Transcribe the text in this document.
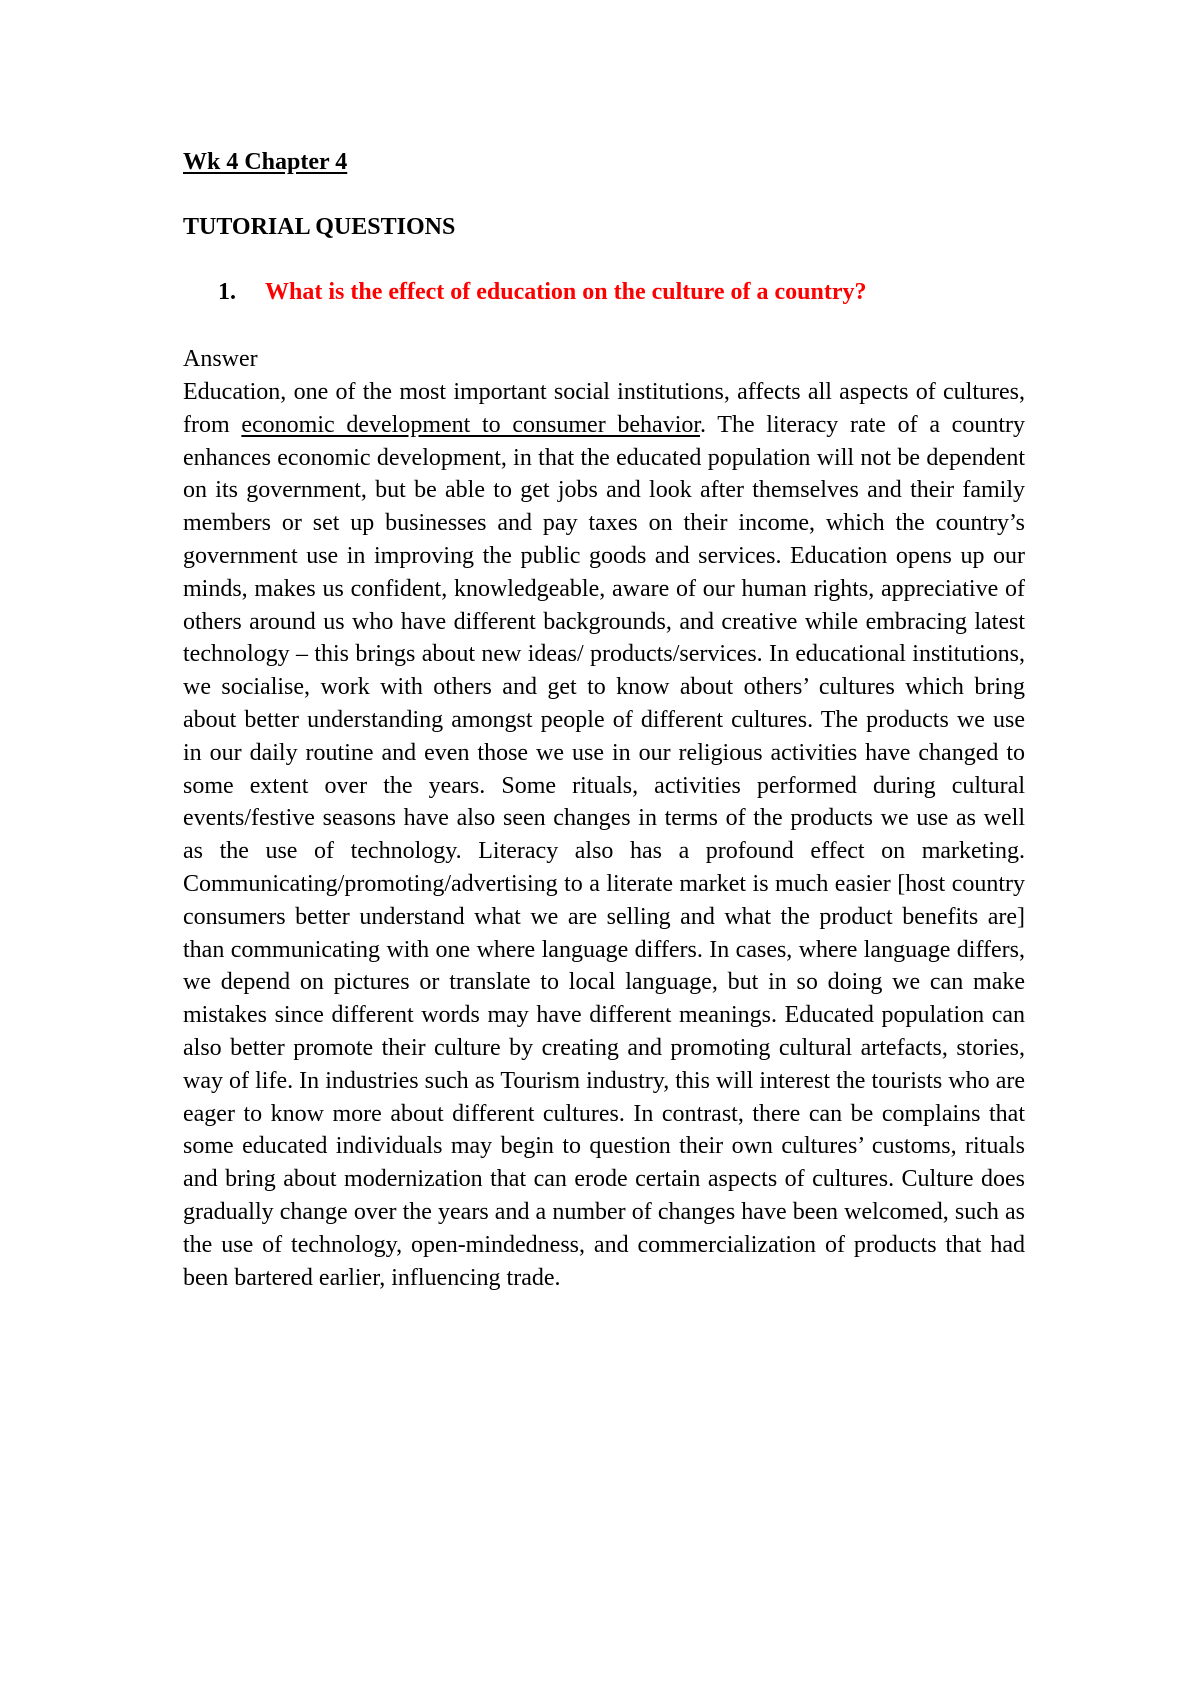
Wk 4 Chapter 4
TUTORIAL QUESTIONS

1. What is the effect of education on the culture of a country?

Answer

Education, one of the most important social institutions, affects all aspects of cultures, from economic development to consumer behavior. The literacy rate of a country enhances economic development, in that the educated population will not be dependent on its government, but be able to get jobs and look after themselves and their family members or set up businesses and pay taxes on their income, which the country’s government use in improving the public goods and services. Education opens up our minds, makes us confident, knowledgeable, aware of our human rights, appreciative of others around us who have different backgrounds, and creative while embracing latest technology – this brings about new ideas/ products/services. In educational institutions, we socialise, work with others and get to know about others’ cultures which bring about better understanding amongst people of different cultures. The products we use in our daily routine and even those we use in our religious activities have changed to some extent over the years. Some rituals, activities performed during cultural events/festive seasons have also seen changes in terms of the products we use as well as the use of technology. Literacy also has a profound effect on marketing. Communicating/promoting/advertising to a literate market is much easier [host country consumers better understand what we are selling and what the product benefits are] than communicating with one where language differs. In cases, where language differs, we depend on pictures or translate to local language, but in so doing we can make mistakes since different words may have different meanings. Educated population can also better promote their culture by creating and promoting cultural artefacts, stories, way of life. In industries such as Tourism industry, this will interest the tourists who are eager to know more about different cultures. In contrast, there can be complains that some educated individuals may begin to question their own cultures’ customs, rituals and bring about modernization that can erode certain aspects of cultures. Culture does gradually change over the years and a number of changes have been welcomed, such as the use of technology, open-mindedness, and commercialization of products that had been bartered earlier, influencing trade.
